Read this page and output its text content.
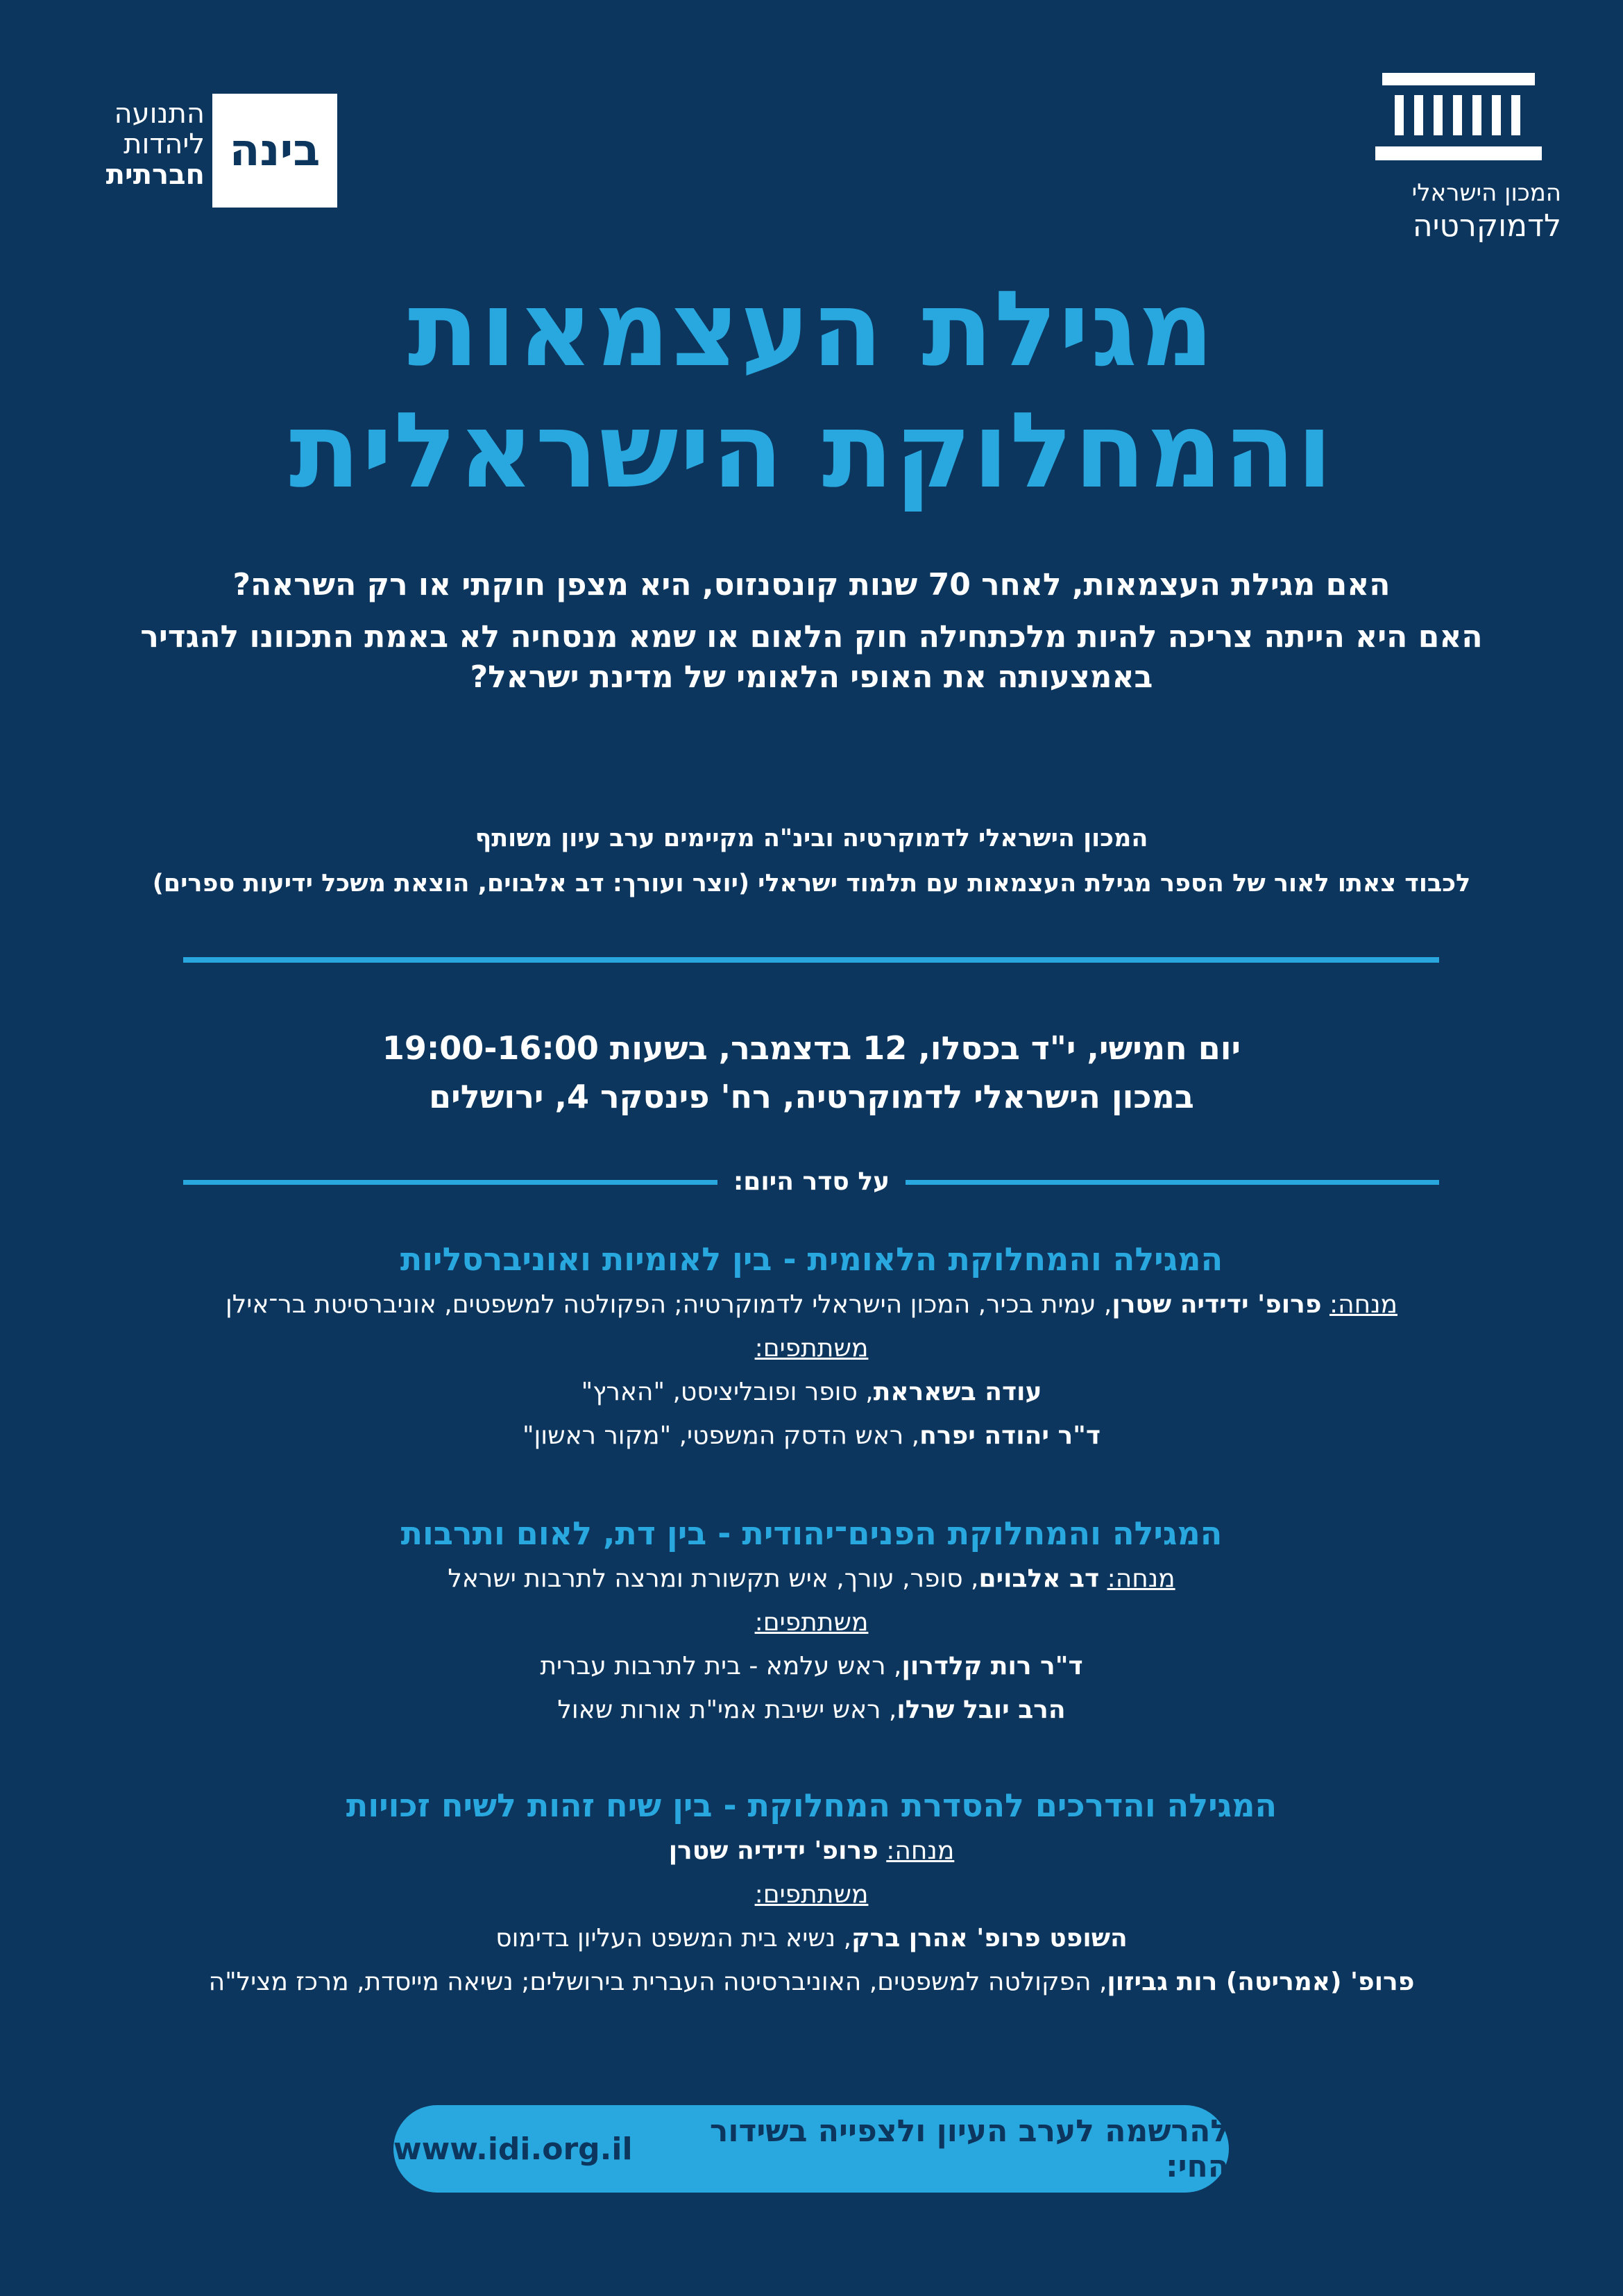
המכון הישראלי
לדמוקרטיה
בינה
התנועה
ליהדות
חברתית
מגילת העצמאות
והמחלוקת הישראלית
האם מגילת העצמאות, לאחר 70 שנות קונסנזוס, היא מצפן חוקתי או רק השראה?
האם היא הייתה צריכה להיות מלכתחילה חוק הלאום או שמא מנסחיה לא באמת התכוונו להגדיר
באמצעותה את האופי הלאומי של מדינת ישראל?
המכון הישראלי לדמוקרטיה ובינ"ה מקיימים ערב עיון משותף
לכבוד צאתו לאור של הספר מגילת העצמאות עם תלמוד ישראלי (יוצר ועורך: דב אלבוים, הוצאת משכל ידיעות ספרים)
יום חמישי, י"ד בכסלו, 12 בדצמבר, בשעות 19:00-16:00
במכון הישראלי לדמוקרטיה, רח' פינסקר 4, ירושלים
על סדר היום:
המגילה והמחלוקת הלאומית - בין לאומיות ואוניברסליות
מנחה: פרופ' ידידיה שטרן, עמית בכיר, המכון הישראלי לדמוקרטיה; הפקולטה למשפטים, אוניברסיטת בר־אילן
משתתפים:
עודה בשאראת, סופר ופובליציסט, "הארץ"
ד"ר יהודה יפרח, ראש הדסק המשפטי, "מקור ראשון"
המגילה והמחלוקת הפנים־יהודית - בין דת, לאום ותרבות
מנחה: דב אלבוים, סופר, עורך, איש תקשורת ומרצה לתרבות ישראל
משתתפים:
ד"ר רות קלדרון, ראש עלמא - בית לתרבות עברית
הרב יובל שרלו, ראש ישיבת אמי"ת אורות שאול
המגילה והדרכים להסדרת המחלוקת - בין שיח זהות לשיח זכויות
מנחה: פרופ' ידידיה שטרן
משתתפים:
השופט פרופ' אהרן ברק, נשיא בית המשפט העליון בדימוס
פרופ' (אמריטה) רות גביזון, הפקולטה למשפטים, האוניברסיטה העברית בירושלים; נשיאה מייסדת, מרכז מציל"ה
להרשמה לערב העיון ולצפייה בשידור החי:

www.idi.org.il
